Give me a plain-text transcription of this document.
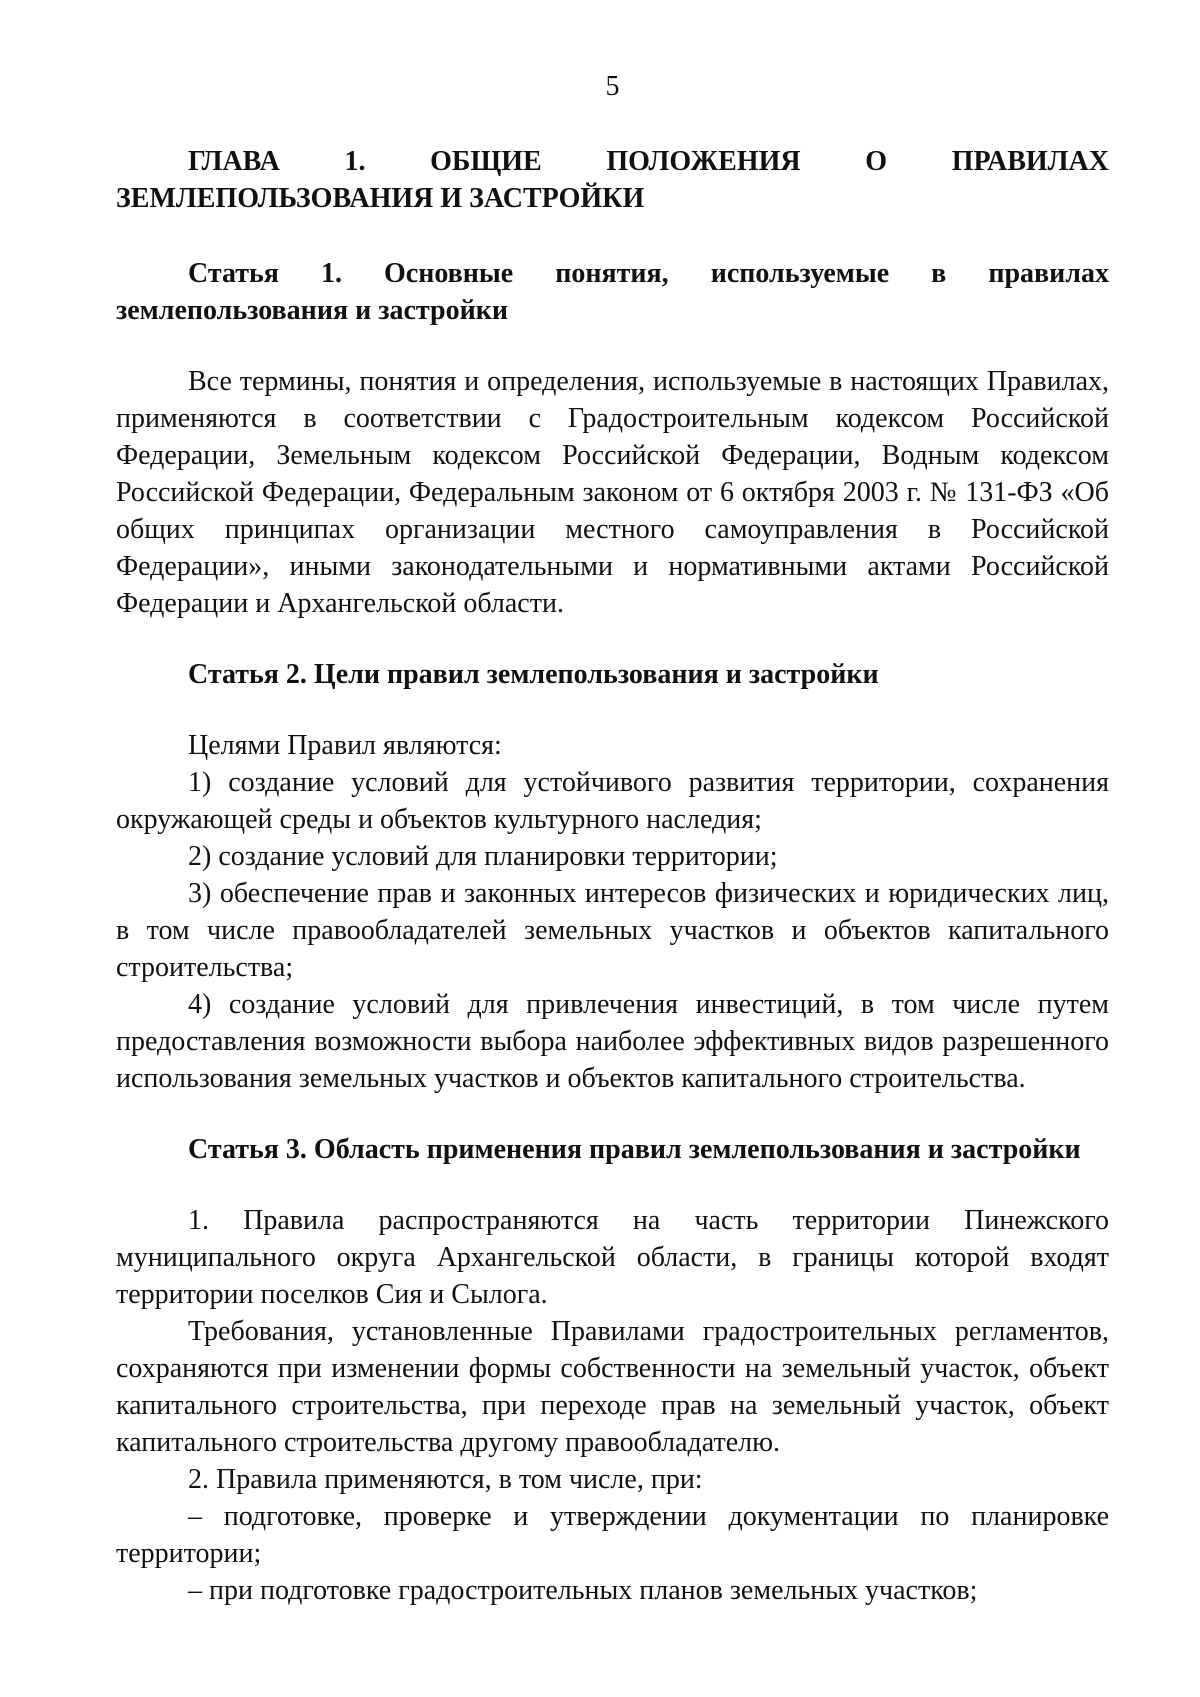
5
ГЛАВА 1. ОБЩИЕ ПОЛОЖЕНИЯ О ПРАВИЛАХ
ЗЕМЛЕПОЛЬЗОВАНИЯ И ЗАСТРОЙКИ
Статья 1. Основные понятия, используемые в правилах
землепользования и застройки

Все термины, понятия и определения, используемые в настоящих Правилах, применяются в соответствии с Градостроительным кодексом Российской Федерации, Земельным кодексом Российской Федерации, Водным кодексом Российской Федерации, Федеральным законом от 6 октября 2003 г. № 131-ФЗ «Об общих принципах организации местного самоуправления в Российской Федерации», иными законодательными и нормативными актами Российской Федерации и Архангельской области.

Статья 2. Цели правил землепользования и застройки

Целями Правил являются:

1) создание условий для устойчивого развития территории, сохранения окружающей среды и объектов культурного наследия;

2) создание условий для планировки территории;

3) обеспечение прав и законных интересов физических и юридических лиц, в том числе правообладателей земельных участков и объектов капитального строительства;

4) создание условий для привлечения инвестиций, в том числе путем предоставления возможности выбора наиболее эффективных видов разрешенного использования земельных участков и объектов капитального строительства.

Статья 3. Область применения правил землепользования и застройки

1. Правила распространяются на часть территории Пинежского муниципального округа Архангельской области, в границы которой входят территории поселков Сия и Сылога.

Требования, установленные Правилами градостроительных регламентов, сохраняются при изменении формы собственности на земельный участок, объект капитального строительства, при переходе прав на земельный участок, объект капитального строительства другому правообладателю.

2. Правила применяются, в том числе, при:

– подготовке, проверке и утверждении документации по планировке территории;

– при подготовке градостроительных планов земельных участков;
